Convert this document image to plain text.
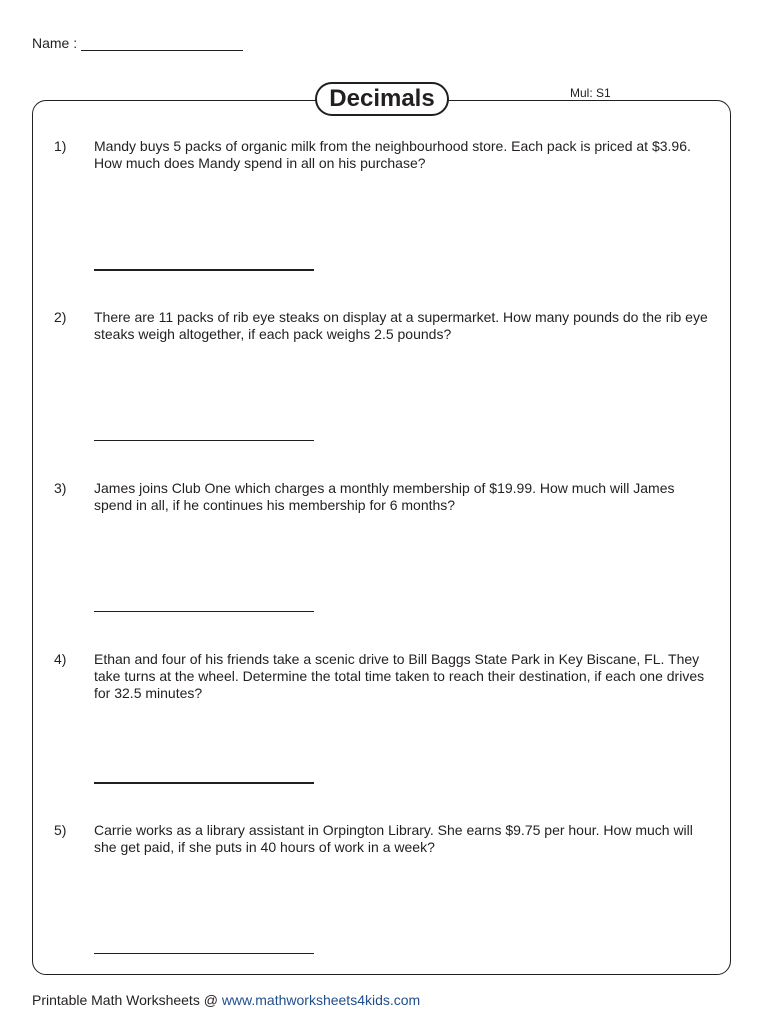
Name :
Decimals	Mul: S1
1) Mandy buys 5 packs of organic milk from the neighbourhood store. Each pack is priced at $3.96. How much does Mandy spend in all on his purchase?
2) There are 11 packs of rib eye steaks on display at a supermarket. How many pounds do the rib eye steaks weigh altogether, if each pack weighs 2.5 pounds?
3) James joins Club One which charges a monthly membership of $19.99. How much will James spend in all, if he continues his membership for 6 months?
4) Ethan and four of his friends take a scenic drive to Bill Baggs State Park in Key Biscane, FL. They take turns at the wheel. Determine the total time taken to reach their destination, if each one drives for 32.5 minutes?
5) Carrie works as a library assistant in Orpington Library. She earns $9.75 per hour. How much will she get paid, if she puts in 40 hours of work in a week?
Printable Math Worksheets @ www.mathworksheets4kids.com
